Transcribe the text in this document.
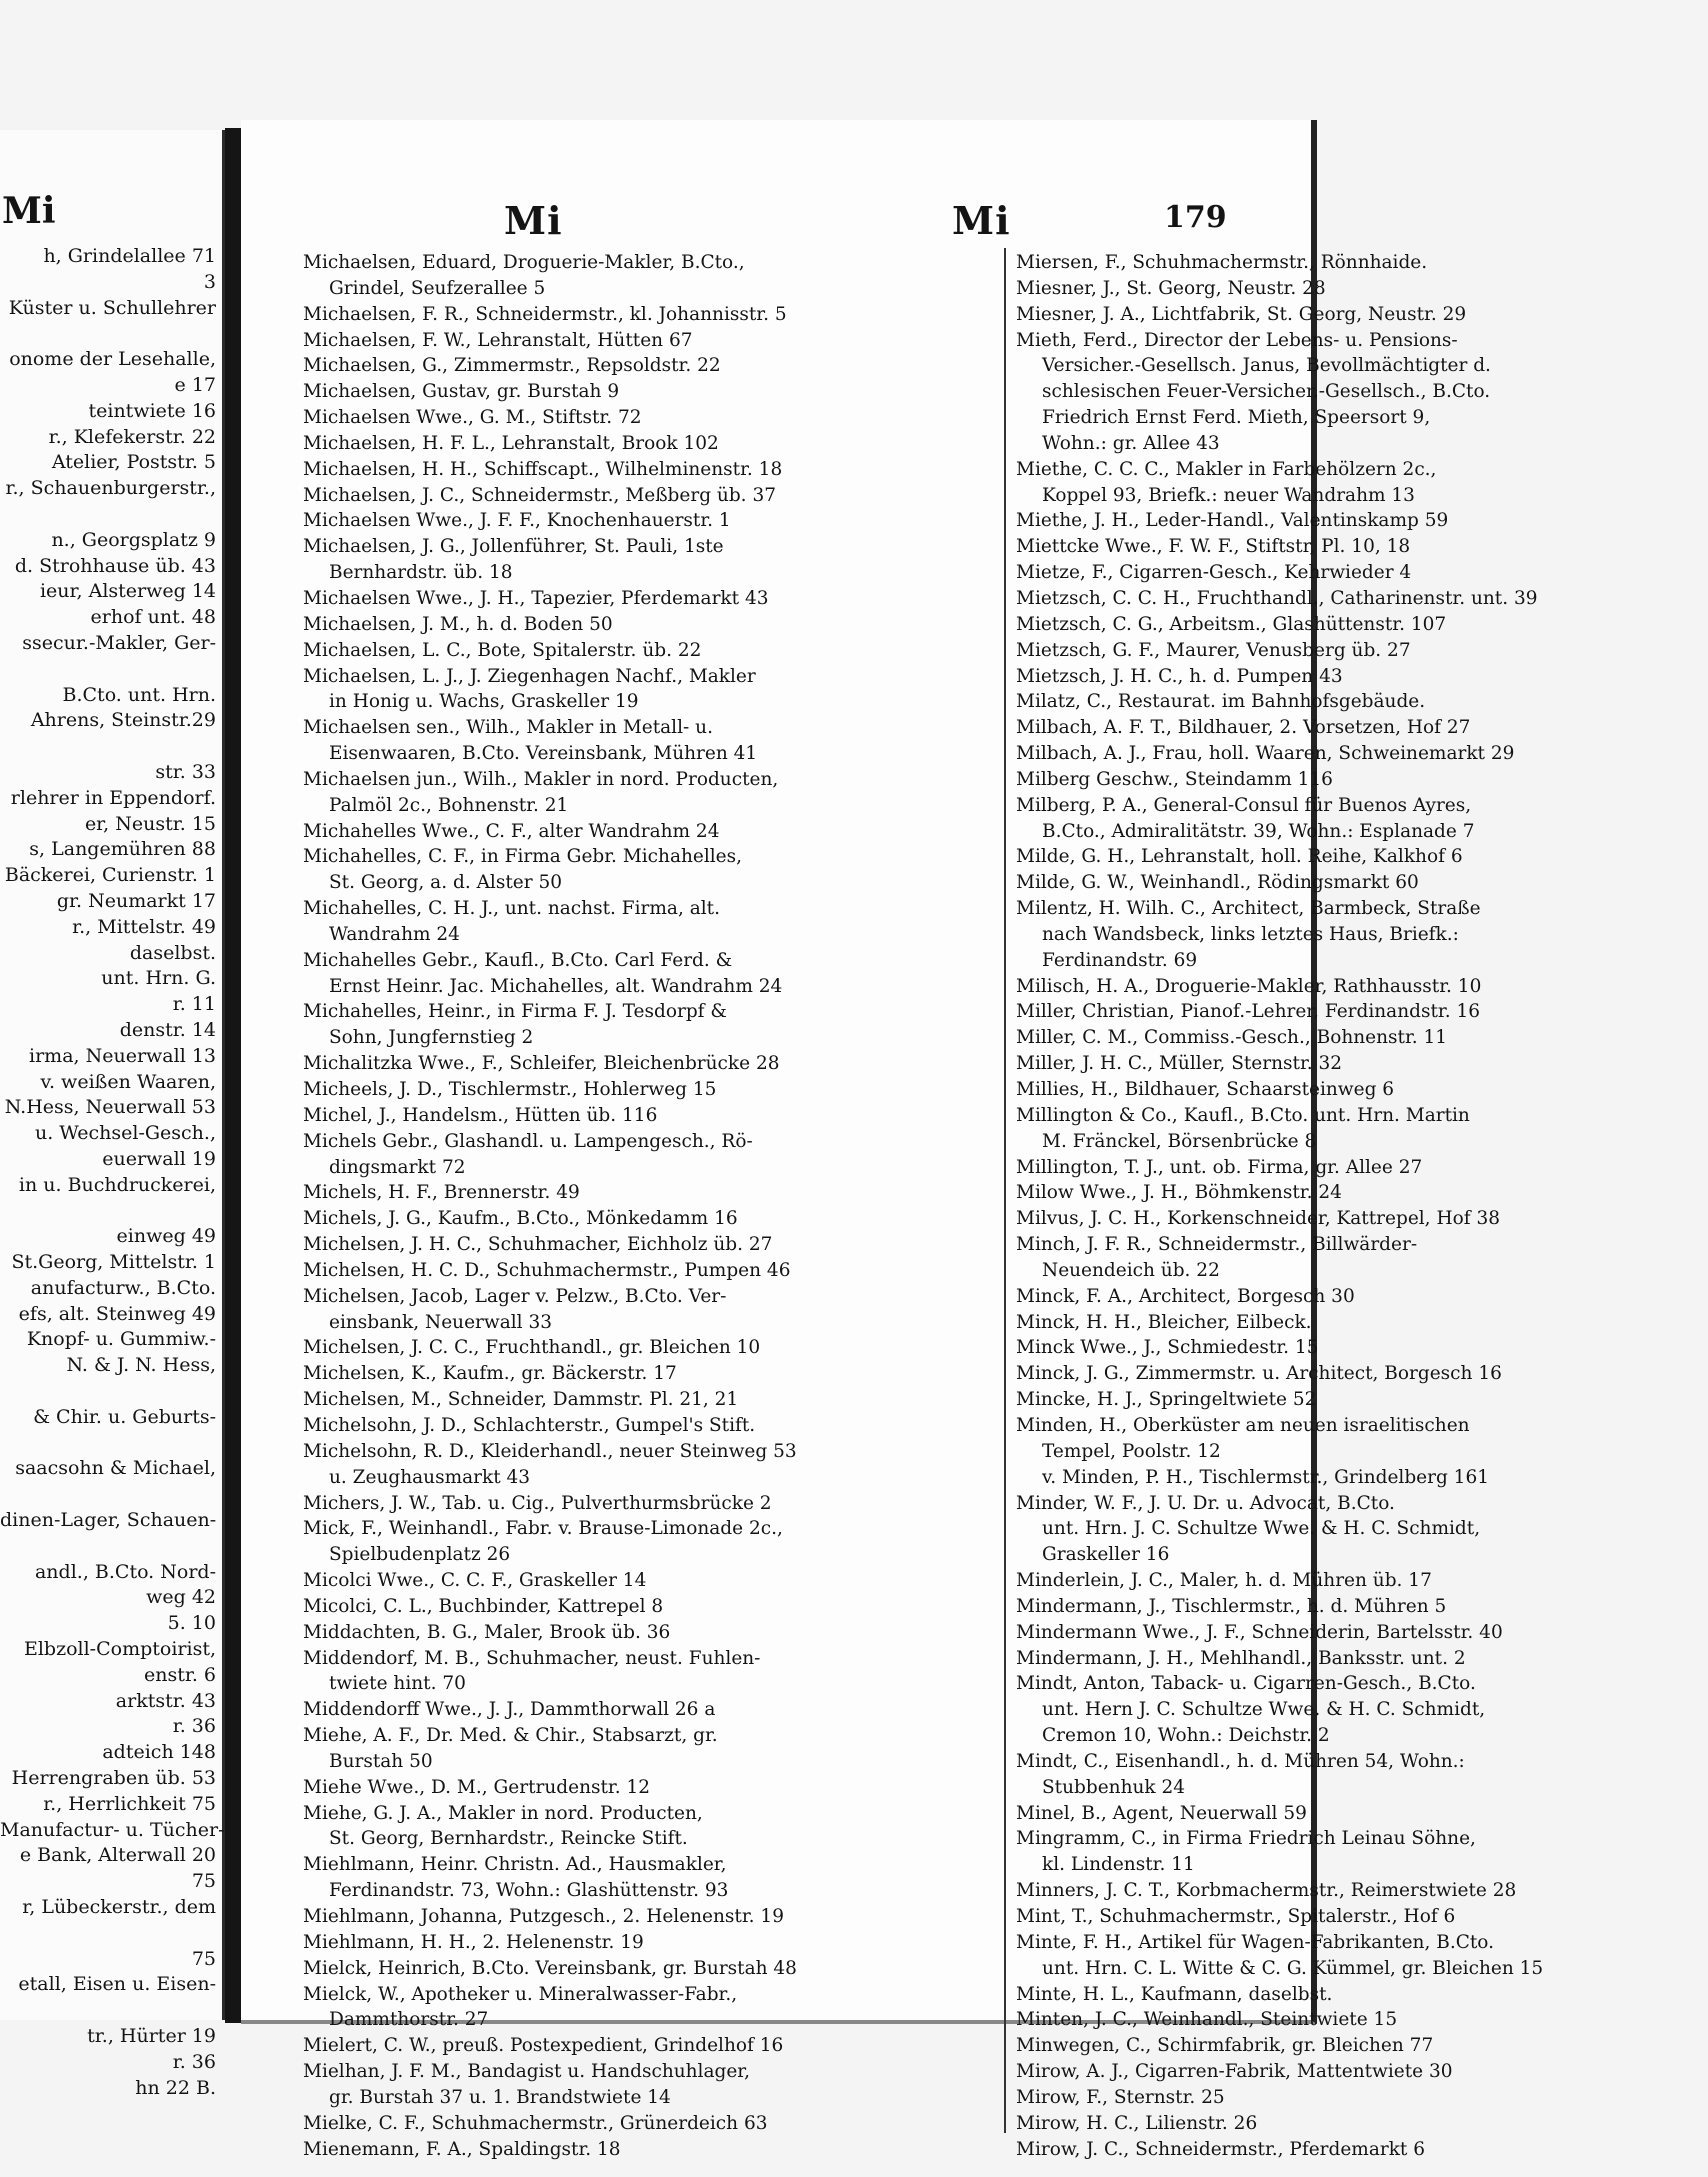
Mi
h, Grindelallee 71
3
Küster u. Schullehrer
onome der Lesehalle,
e 17
teintwiete 16
r., Klefekerstr. 22
Atelier, Poststr. 5
r., Schauenburgerstr.,
n., Georgsplatz 9
d. Strohhause üb. 43
ieur, Alsterweg 14
erhof unt. 48
ssecur.-Makler, Ger-
B.Cto. unt. Hrn.
Ahrens, Steinstr.29
str. 33
rlehrer in Eppendorf.
er, Neustr. 15
s, Langemühren 88
Bäckerei, Curienstr. 1
gr. Neumarkt 17
r., Mittelstr. 49
daselbst.
unt. Hrn. G.
r. 11
denstr. 14
irma, Neuerwall 13
v. weißen Waaren,
N.Hess, Neuerwall 53
u. Wechsel-Gesch.,
euerwall 19
in u. Buchdruckerei,
einweg 49
St.Georg, Mittelstr. 1
anufacturw., B.Cto.
efs, alt. Steinweg 49
Knopf- u. Gummiw.-
N. & J. N. Hess,
& Chir. u. Geburts-
saacsohn & Michael,
dinen-Lager, Schauen-
andl., B.Cto. Nord-
weg 42
5. 10
Elbzoll-Comptoirist,
enstr. 6
arktstr. 43
r. 36
adteich 148
Herrengraben üb. 53
r., Herrlichkeit 75
Manufactur- u. Tücher-
e Bank, Alterwall 20
75
r, Lübeckerstr., dem
75
etall, Eisen u. Eisen-
tr., Hürter 19
r. 36
hn 22 B.
Mi	Mi	179
Michaelsen, Eduard, Droguerie-Makler, B.Cto.,
Grindel, Seufzerallee 5
Michaelsen, F. R., Schneidermstr., kl. Johannisstr. 5
Michaelsen, F. W., Lehranstalt, Hütten 67
Michaelsen, G., Zimmermstr., Repsoldstr. 22
Michaelsen, Gustav, gr. Burstah 9
Michaelsen Wwe., G. M., Stiftstr. 72
Michaelsen, H. F. L., Lehranstalt, Brook 102
Michaelsen, H. H., Schiffscapt., Wilhelminenstr. 18
Michaelsen, J. C., Schneidermstr., Meßberg üb. 37
Michaelsen Wwe., J. F. F., Knochenhauerstr. 1
Michaelsen, J. G., Jollenführer, St. Pauli, 1ste
Bernhardstr. üb. 18
Michaelsen Wwe., J. H., Tapezier, Pferdemarkt 43
Michaelsen, J. M., h. d. Boden 50
Michaelsen, L. C., Bote, Spitalerstr. üb. 22
Michaelsen, L. J., J. Ziegenhagen Nachf., Makler
in Honig u. Wachs, Graskeller 19
Michaelsen sen., Wilh., Makler in Metall- u.
Eisenwaaren, B.Cto. Vereinsbank, Mühren 41
Michaelsen jun., Wilh., Makler in nord. Producten,
Palmöl 2c., Bohnenstr. 21
Michahelles Wwe., C. F., alter Wandrahm 24
Michahelles, C. F., in Firma Gebr. Michahelles,
St. Georg, a. d. Alster 50
Michahelles, C. H. J., unt. nachst. Firma, alt.
Wandrahm 24
Michahelles Gebr., Kaufl., B.Cto. Carl Ferd. &
Ernst Heinr. Jac. Michahelles, alt. Wandrahm 24
Michahelles, Heinr., in Firma F. J. Tesdorpf &
Sohn, Jungfernstieg 2
Michalitzka Wwe., F., Schleifer, Bleichenbrücke 28
Micheels, J. D., Tischlermstr., Hohlerweg 15
Michel, J., Handelsm., Hütten üb. 116
Michels Gebr., Glashandl. u. Lampengesch., Rö-
dingsmarkt 72
Michels, H. F., Brennerstr. 49
Michels, J. G., Kaufm., B.Cto., Mönkedamm 16
Michelsen, J. H. C., Schuhmacher, Eichholz üb. 27
Michelsen, H. C. D., Schuhmachermstr., Pumpen 46
Michelsen, Jacob, Lager v. Pelzw., B.Cto. Ver-
einsbank, Neuerwall 33
Michelsen, J. C. C., Fruchthandl., gr. Bleichen 10
Michelsen, K., Kaufm., gr. Bäckerstr. 17
Michelsen, M., Schneider, Dammstr. Pl. 21, 21
Michelsohn, J. D., Schlachterstr., Gumpel's Stift.
Michelsohn, R. D., Kleiderhandl., neuer Steinweg 53
u. Zeughausmarkt 43
Michers, J. W., Tab. u. Cig., Pulverthurmsbrücke 2
Mick, F., Weinhandl., Fabr. v. Brause-Limonade 2c.,
Spielbudenplatz 26
Micolci Wwe., C. C. F., Graskeller 14
Micolci, C. L., Buchbinder, Kattrepel 8
Middachten, B. G., Maler, Brook üb. 36
Middendorf, M. B., Schuhmacher, neust. Fuhlen-
twiete hint. 70
Middendorff Wwe., J. J., Dammthorwall 26 a
Miehe, A. F., Dr. Med. & Chir., Stabsarzt, gr.
Burstah 50
Miehe Wwe., D. M., Gertrudenstr. 12
Miehe, G. J. A., Makler in nord. Producten,
St. Georg, Bernhardstr., Reincke Stift.
Miehlmann, Heinr. Christn. Ad., Hausmakler,
Ferdinandstr. 73, Wohn.: Glashüttenstr. 93
Miehlmann, Johanna, Putzgesch., 2. Helenenstr. 19
Miehlmann, H. H., 2. Helenenstr. 19
Mielck, Heinrich, B.Cto. Vereinsbank, gr. Burstah 48
Mielck, W., Apotheker u. Mineralwasser-Fabr.,
Dammthorstr. 27
Mielert, C. W., preuß. Postexpedient, Grindelhof 16
Mielhan, J. F. M., Bandagist u. Handschuhlager,
gr. Burstah 37 u. 1. Brandstwiete 14
Mielke, C. F., Schuhmachermstr., Grünerdeich 63
Mienemann, F. A., Spaldingstr. 18
Miersen, F., Schuhmachermstr., Rönnhaide.
Miesner, J., St. Georg, Neustr. 28
Miesner, J. A., Lichtfabrik, St. Georg, Neustr. 29
Mieth, Ferd., Director der Lebens- u. Pensions-
Versicher.-Gesellsch. Janus, Bevollmächtigter d.
schlesischen Feuer-Versicher.-Gesellsch., B.Cto.
Friedrich Ernst Ferd. Mieth, Speersort 9,
Wohn.: gr. Allee 43
Miethe, C. C. C., Makler in Farbehölzern 2c.,
Koppel 93, Briefk.: neuer Wandrahm 13
Miethe, J. H., Leder-Handl., Valentinskamp 59
Miettcke Wwe., F. W. F., Stiftstr, Pl. 10, 18
Mietze, F., Cigarren-Gesch., Kehrwieder 4
Mietzsch, C. C. H., Fruchthandl., Catharinenstr. unt. 39
Mietzsch, C. G., Arbeitsm., Glashüttenstr. 107
Mietzsch, G. F., Maurer, Venusberg üb. 27
Mietzsch, J. H. C., h. d. Pumpen 43
Milatz, C., Restaurat. im Bahnhofsgebäude.
Milbach, A. F. T., Bildhauer, 2. Vorsetzen, Hof 27
Milbach, A. J., Frau, holl. Waaren, Schweinemarkt 29
Milberg Geschw., Steindamm 116
Milberg, P. A., General-Consul für Buenos Ayres,
B.Cto., Admiralitätstr. 39, Wohn.: Esplanade 7
Milde, G. H., Lehranstalt, holl. Reihe, Kalkhof 6
Milde, G. W., Weinhandl., Rödingsmarkt 60
Milentz, H. Wilh. C., Architect, Barmbeck, Straße
nach Wandsbeck, links letztes Haus, Briefk.:
Ferdinandstr. 69
Milisch, H. A., Droguerie-Makler, Rathhausstr. 10
Miller, Christian, Pianof.-Lehrer, Ferdinandstr. 16
Miller, C. M., Commiss.-Gesch., Bohnenstr. 11
Miller, J. H. C., Müller, Sternstr. 32
Millies, H., Bildhauer, Schaarsteinweg 6
Millington & Co., Kaufl., B.Cto. unt. Hrn. Martin
M. Fränckel, Börsenbrücke 8
Millington, T. J., unt. ob. Firma, gr. Allee 27
Milow Wwe., J. H., Böhmkenstr. 24
Milvus, J. C. H., Korkenschneider, Kattrepel, Hof 38
Minch, J. F. R., Schneidermstr., Billwärder-
Neuendeich üb. 22
Minck, F. A., Architect, Borgesch 30
Minck, H. H., Bleicher, Eilbeck.
Minck Wwe., J., Schmiedestr. 15
Minck, J. G., Zimmermstr. u. Architect, Borgesch 16
Mincke, H. J., Springeltwiete 52
Minden, H., Oberküster am neuen israelitischen
Tempel, Poolstr. 12
v. Minden, P. H., Tischlermstr., Grindelberg 161
Minder, W. F., J. U. Dr. u. Advocat, B.Cto.
unt. Hrn. J. C. Schultze Wwe. & H. C. Schmidt,
Graskeller 16
Minderlein, J. C., Maler, h. d. Mühren üb. 17
Mindermann, J., Tischlermstr., h. d. Mühren 5
Mindermann Wwe., J. F., Schneiderin, Bartelsstr. 40
Mindermann, J. H., Mehlhandl., Banksstr. unt. 2
Mindt, Anton, Taback- u. Cigarren-Gesch., B.Cto.
unt. Hern J. C. Schultze Wwe. & H. C. Schmidt,
Cremon 10, Wohn.: Deichstr. 2
Mindt, C., Eisenhandl., h. d. Mühren 54, Wohn.:
Stubbenhuk 24
Minel, B., Agent, Neuerwall 59
Mingramm, C., in Firma Friedrich Leinau Söhne,
kl. Lindenstr. 11
Minners, J. C. T., Korbmachermstr., Reimerstwiete 28
Mint, T., Schuhmachermstr., Spitalerstr., Hof 6
Minte, F. H., Artikel für Wagen-Fabrikanten, B.Cto.
unt. Hrn. C. L. Witte & C. G. Kümmel, gr. Bleichen 15
Minte, H. L., Kaufmann, daselbst.
Minten, J. C., Weinhandl., Steintwiete 15
Minwegen, C., Schirmfabrik, gr. Bleichen 77
Mirow, A. J., Cigarren-Fabrik, Mattentwiete 30
Mirow, F., Sternstr. 25
Mirow, H. C., Lilienstr. 26
Mirow, J. C., Schneidermstr., Pferdemarkt 6
